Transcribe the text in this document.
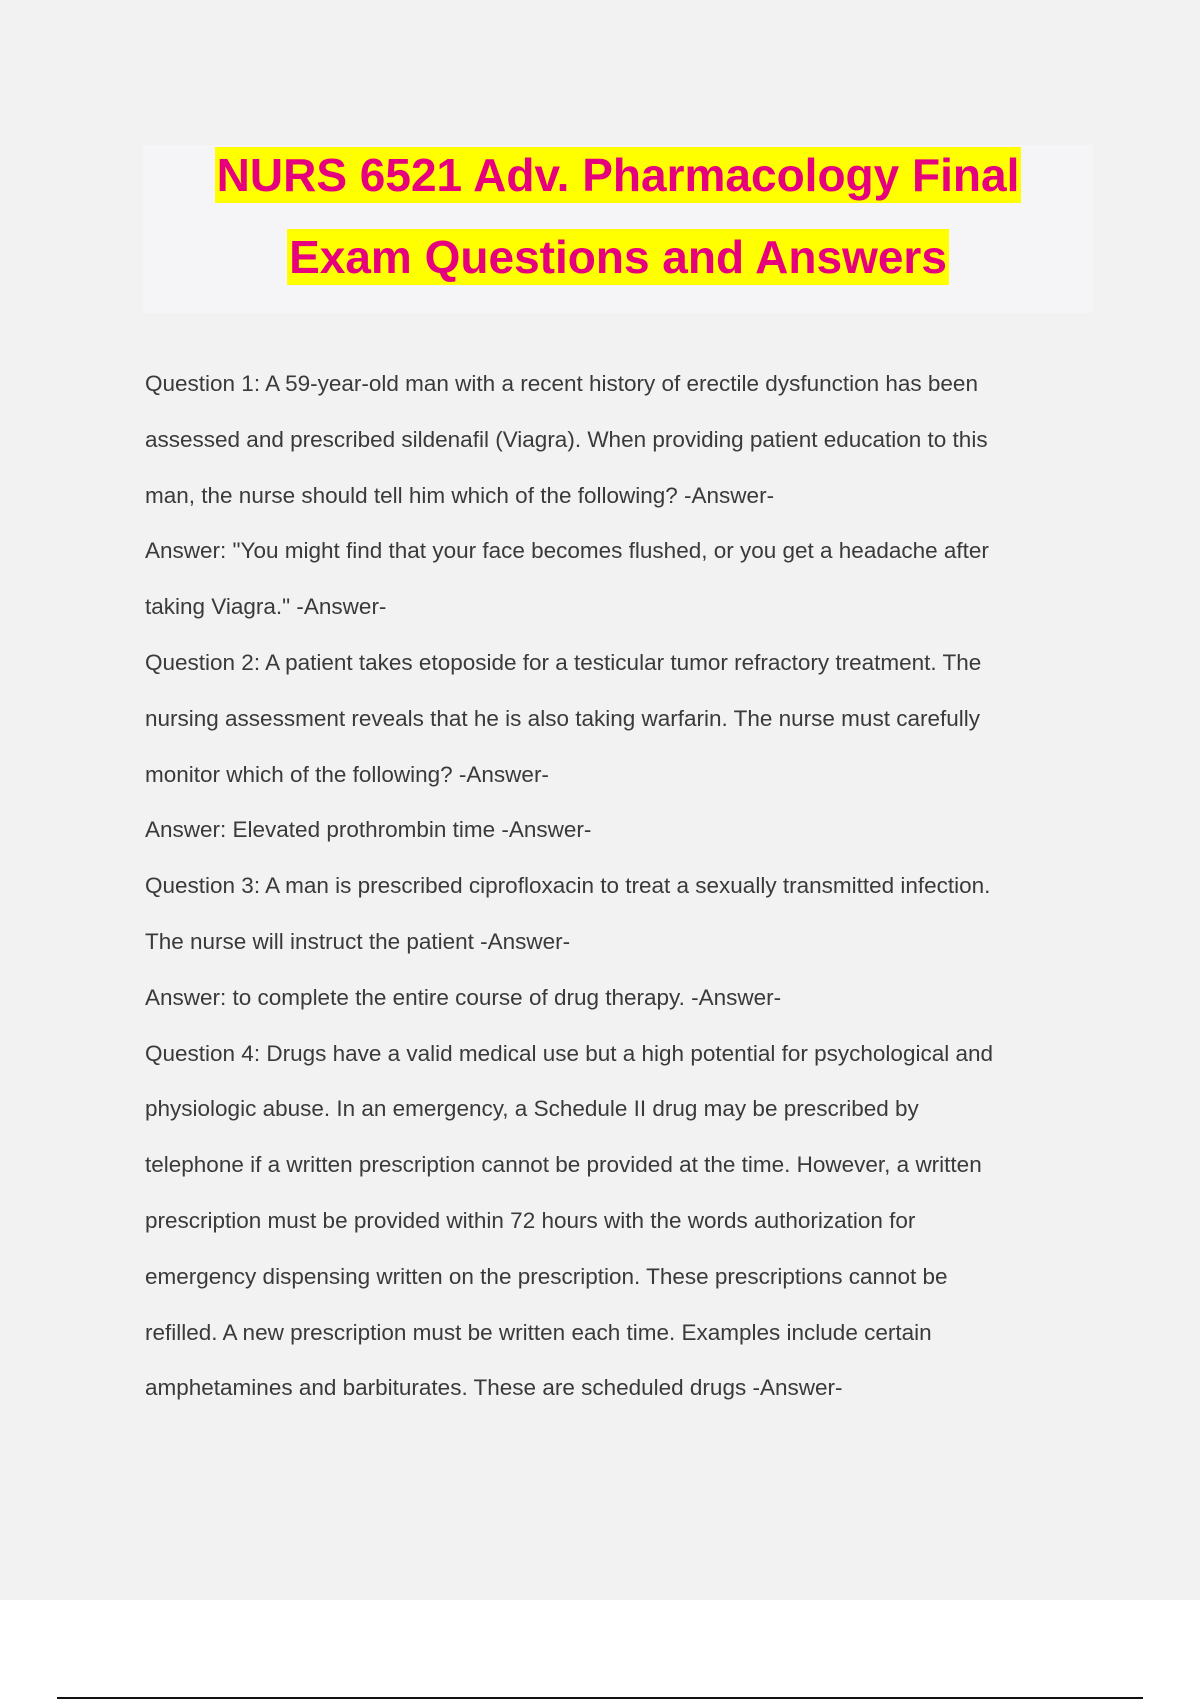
NURS 6521 Adv. Pharmacology Final
Exam Questions and Answers
Question 1: A 59-year-old man with a recent history of erectile dysfunction has been
assessed and prescribed sildenafil (Viagra). When providing patient education to this
man, the nurse should tell him which of the following? -Answer-
Answer: "You might find that your face becomes flushed, or you get a headache after
taking Viagra." -Answer-
Question 2: A patient takes etoposide for a testicular tumor refractory treatment. The
nursing assessment reveals that he is also taking warfarin. The nurse must carefully
monitor which of the following? -Answer-
Answer: Elevated prothrombin time -Answer-
Question 3: A man is prescribed ciprofloxacin to treat a sexually transmitted infection.
The nurse will instruct the patient -Answer-
Answer: to complete the entire course of drug therapy. -Answer-
Question 4: Drugs have a valid medical use but a high potential for psychological and
physiologic abuse. In an emergency, a Schedule II drug may be prescribed by
telephone if a written prescription cannot be provided at the time. However, a written
prescription must be provided within 72 hours with the words authorization for
emergency dispensing written on the prescription. These prescriptions cannot be
refilled. A new prescription must be written each time. Examples include certain
amphetamines and barbiturates. These are scheduled drugs -Answer-
